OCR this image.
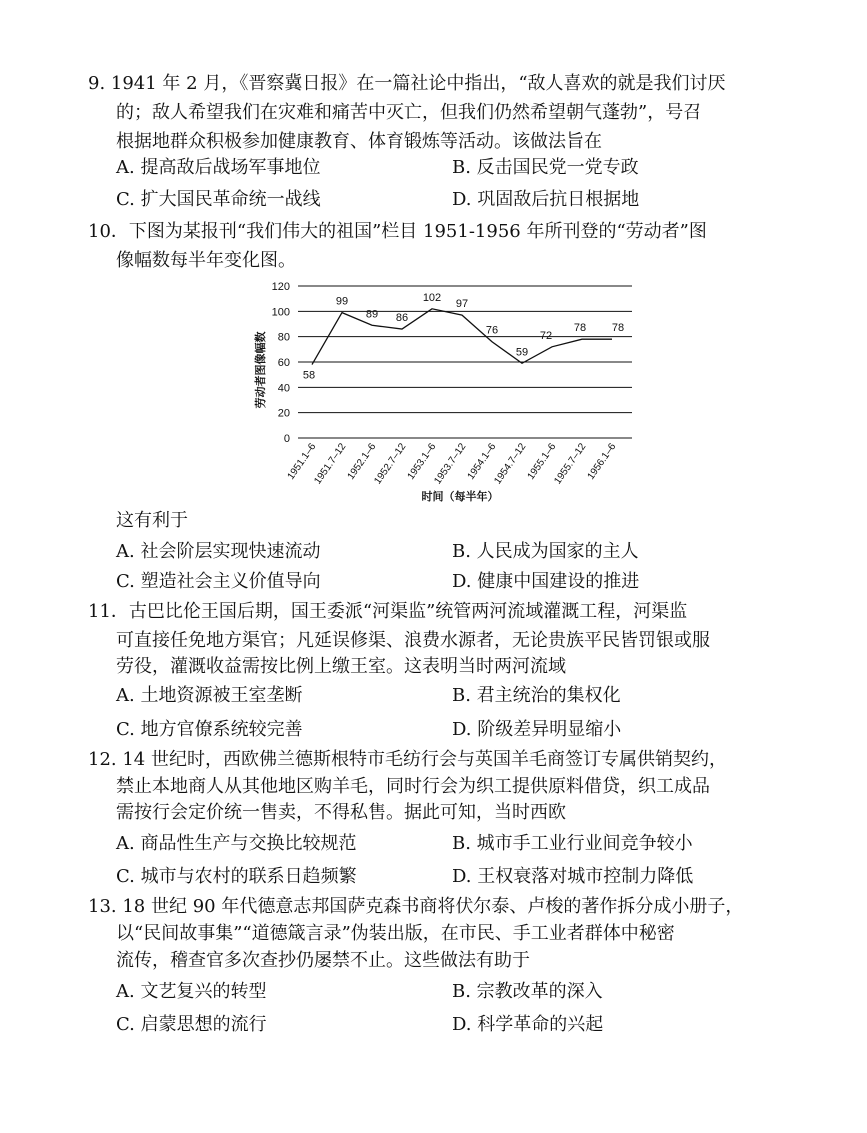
9. 1941 年 2 月，《晋察冀日报》在一篇社论中指出，“敌人喜欢的就是我们讨厌
的；敌人希望我们在灾难和痛苦中灭亡，但我们仍然希望朝气蓬勃”，号召
根据地群众积极参加健康教育、体育锻炼等活动。该做法旨在
A. 提高敌后战场军事地位	B. 反击国民党一党专政
C. 扩大国民革命统一战线	D. 巩固敌后抗日根据地
10．下图为某报刊“我们伟大的祖国”栏目 1951-1956 年所刊登的“劳动者”图
像幅数每半年变化图。
0
20
40
60
80
100
120
1951.1–6
1951.7–12
1952.1–6
1952.7–12
1953.1–6
1953.7–12
1954.1–6
1954.7–12
1955.1–6
1955.7–12
1956.1–6
58
99
89 86
102
97
76
59
72
78 78
劳动者图像幅数
时间（每半年）
这有利于
A. 社会阶层实现快速流动	B. 人民成为国家的主人
C. 塑造社会主义价值导向	D. 健康中国建设的推进
11．古巴比伦王国后期，国王委派“河渠监”统管两河流域灌溉工程，河渠监
可直接任免地方渠官；凡延误修渠、浪费水源者，无论贵族平民皆罚银或服
劳役，灌溉收益需按比例上缴王室。这表明当时两河流域
A. 土地资源被王室垄断	B. 君主统治的集权化
C. 地方官僚系统较完善	D. 阶级差异明显缩小
12. 14 世纪时，西欧佛兰德斯根特市毛纺行会与英国羊毛商签订专属供销契约，
禁止本地商人从其他地区购羊毛，同时行会为织工提供原料借贷，织工成品
需按行会定价统一售卖，不得私售。据此可知，当时西欧
A. 商品性生产与交换比较规范	B. 城市手工业行业间竞争较小
C. 城市与农村的联系日趋频繁	D. 王权衰落对城市控制力降低
13. 18 世纪 90 年代德意志邦国萨克森书商将伏尔泰、卢梭的著作拆分成小册子，
以“民间故事集”“道德箴言录”伪装出版，在市民、手工业者群体中秘密
流传，稽查官多次查抄仍屡禁不止。这些做法有助于
A. 文艺复兴的转型	B. 宗教改革的深入
C. 启蒙思想的流行	D. 科学革命的兴起
